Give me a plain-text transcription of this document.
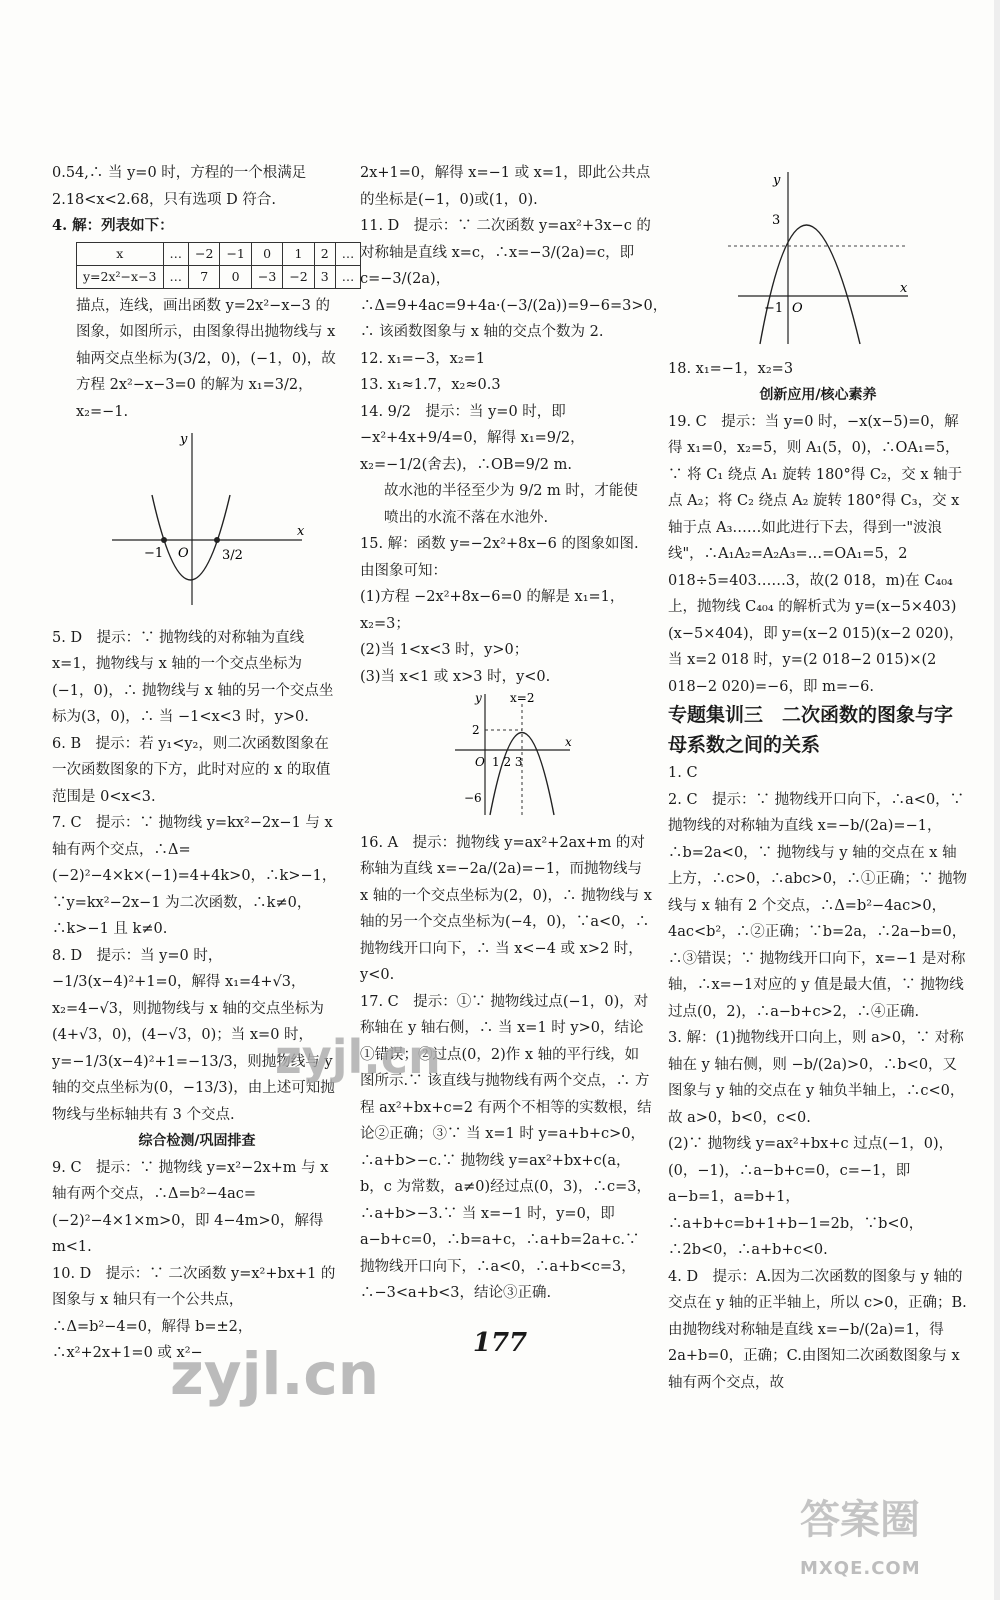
0.54,∴ 当 y=0 时，方程的一个根满足 2.18<x<2.68，只有选项 D 符合.

4. 解：列表如下：

x	…	−2	−1	0	1	2	…
y=2x²−x−3	…	7	0	−3	−2	3	…

描点，连线，画出函数 y=2x²−x−3 的图象，如图所示，由图象得出抛物线与 x 轴两交点坐标为(3/2，0)，(−1，0)，故方程 2x²−x−3=0 的解为 x₁=3/2，x₂=−1.

y
x
O
−1	3/2

5. D　提示：∵ 抛物线的对称轴为直线 x=1，抛物线与 x 轴的一个交点坐标为(−1，0)，∴ 抛物线与 x 轴的另一个交点坐标为(3，0)，∴ 当 −1<x<3 时，y>0.

6. B　提示：若 y₁<y₂，则二次函数图象在一次函数图象的下方，此时对应的 x 的取值范围是 0<x<3.

7. C　提示：∵ 抛物线 y=kx²−2x−1 与 x 轴有两个交点，∴Δ=(−2)²−4×k×(−1)=4+4k>0，∴k>−1，∵y=kx²−2x−1 为二次函数，∴k≠0，∴k>−1 且 k≠0.

8. D　提示：当 y=0 时，−1/3(x−4)²+1=0，解得 x₁=4+√3，x₂=4−√3，则抛物线与 x 轴的交点坐标为(4+√3，0)，(4−√3，0)；当 x=0 时，y=−1/3(x−4)²+1=−13/3，则抛物线与 y 轴的交点坐标为(0，−13/3)，由上述可知抛物线与坐标轴共有 3 个交点.

综合检测/巩固排查

9. C　提示：∵ 抛物线 y=x²−2x+m 与 x 轴有两个交点，∴Δ=b²−4ac=(−2)²−4×1×m>0，即 4−4m>0，解得 m<1.

10. D　提示：∵ 二次函数 y=x²+bx+1 的图象与 x 轴只有一个公共点，∴Δ=b²−4=0，解得 b=±2，∴x²+2x+1=0 或 x²−

2x+1=0，解得 x=−1 或 x=1，即此公共点的坐标是(−1，0)或(1，0).

11. D　提示：∵ 二次函数 y=ax²+3x−c 的对称轴是直线 x=c，∴x=−3/(2a)=c，即 c=−3/(2a)，∴Δ=9+4ac=9+4a·(−3/(2a))=9−6=3>0，∴ 该函数图象与 x 轴的交点个数为 2.

12. x₁=−3，x₂=1

13. x₁≈1.7，x₂≈0.3

14. 9/2　提示：当 y=0 时，即 −x²+4x+9/4=0，解得 x₁=9/2，x₂=−1/2(舍去)，∴OB=9/2 m.

故水池的半径至少为 9/2 m 时，才能使喷出的水流不落在水池外.

15. 解：函数 y=−2x²+8x−6 的图象如图. 由图象可知：

(1)方程 −2x²+8x−6=0 的解是 x₁=1，x₂=3；

(2)当 1<x<3 时，y>0；

(3)当 x<1 或 x>3 时，y<0.

y x=2
x
2
O 1 2 3
−6

16. A　提示：抛物线 y=ax²+2ax+m 的对称轴为直线 x=−2a/(2a)=−1，而抛物线与 x 轴的一个交点坐标为(2，0)，∴ 抛物线与 x 轴的另一个交点坐标为(−4，0)，∵a<0，∴ 抛物线开口向下，∴ 当 x<−4 或 x>2 时，y<0.

17. C　提示：①∵ 抛物线过点(−1，0)，对称轴在 y 轴右侧，∴ 当 x=1 时 y>0，结论①错误；②过点(0，2)作 x 轴的平行线，如图所示.∵ 该直线与抛物线有两个交点，∴ 方程 ax²+bx+c=2 有两个不相等的实数根，结论②正确；③∵ 当 x=1 时 y=a+b+c>0，∴a+b>−c.∵ 抛物线 y=ax²+bx+c(a，b，c 为常数，a≠0)经过点(0，3)，∴c=3，∴a+b>−3.∵ 当 x=−1 时，y=0，即 a−b+c=0，∴b=a+c，∴a+b=2a+c.∵ 抛物线开口向下，∴a<0，∴a+b<c=3，∴−3<a+b<3，结论③正确.

y
x
3
−1 O

18. x₁=−1，x₂=3

创新应用/核心素养

19. C　提示：当 y=0 时，−x(x−5)=0，解得 x₁=0，x₂=5，则 A₁(5，0)，∴OA₁=5，∵ 将 C₁ 绕点 A₁ 旋转 180°得 C₂，交 x 轴于点 A₂；将 C₂ 绕点 A₂ 旋转 180°得 C₃，交 x 轴于点 A₃……如此进行下去，得到一"波浪线"，∴A₁A₂=A₂A₃=…=OA₁=5，2 018÷5=403……3，故(2 018，m)在 C₄₀₄ 上，抛物线 C₄₀₄ 的解析式为 y=(x−5×403)(x−5×404)，即 y=(x−2 015)(x−2 020)，当 x=2 018 时，y=(2 018−2 015)×(2 018−2 020)=−6，即 m=−6.

专题集训三　二次函数的图象与字母系数之间的关系

1. C

2. C　提示：∵ 抛物线开口向下，∴a<0，∵ 抛物线的对称轴为直线 x=−b/(2a)=−1，∴b=2a<0，∵ 抛物线与 y 轴的交点在 x 轴上方，∴c>0，∴abc>0，∴①正确；∵ 抛物线与 x 轴有 2 个交点，∴Δ=b²−4ac>0，4ac<b²，∴②正确；∵b=2a，∴2a−b=0，∴③错误；∵ 抛物线开口向下，x=−1 是对称轴，∴x=−1对应的 y 值是最大值，∵ 抛物线过点(0，2)，∴a−b+c>2，∴④正确.

3. 解：(1)抛物线开口向上，则 a>0，∵ 对称轴在 y 轴右侧，则 −b/(2a)>0，∴b<0，又图象与 y 轴的交点在 y 轴负半轴上，∴c<0，故 a>0，b<0，c<0.

(2)∵ 抛物线 y=ax²+bx+c 过点(−1，0)，(0，−1)，∴a−b+c=0，c=−1，即 a−b=1，a=b+1，∴a+b+c=b+1+b−1=2b，∵b<0，∴2b<0，∴a+b+c<0.

4. D　提示：A.因为二次函数的图象与 y 轴的交点在 y 轴的正半轴上，所以 c>0，正确；B.由抛物线对称轴是直线 x=−b/(2a)=1，得 2a+b=0，正确；C.由图知二次函数图象与 x 轴有两个交点，故

177
zyjl.cn
zyjl.cn
答案圈
MXQE.COM
